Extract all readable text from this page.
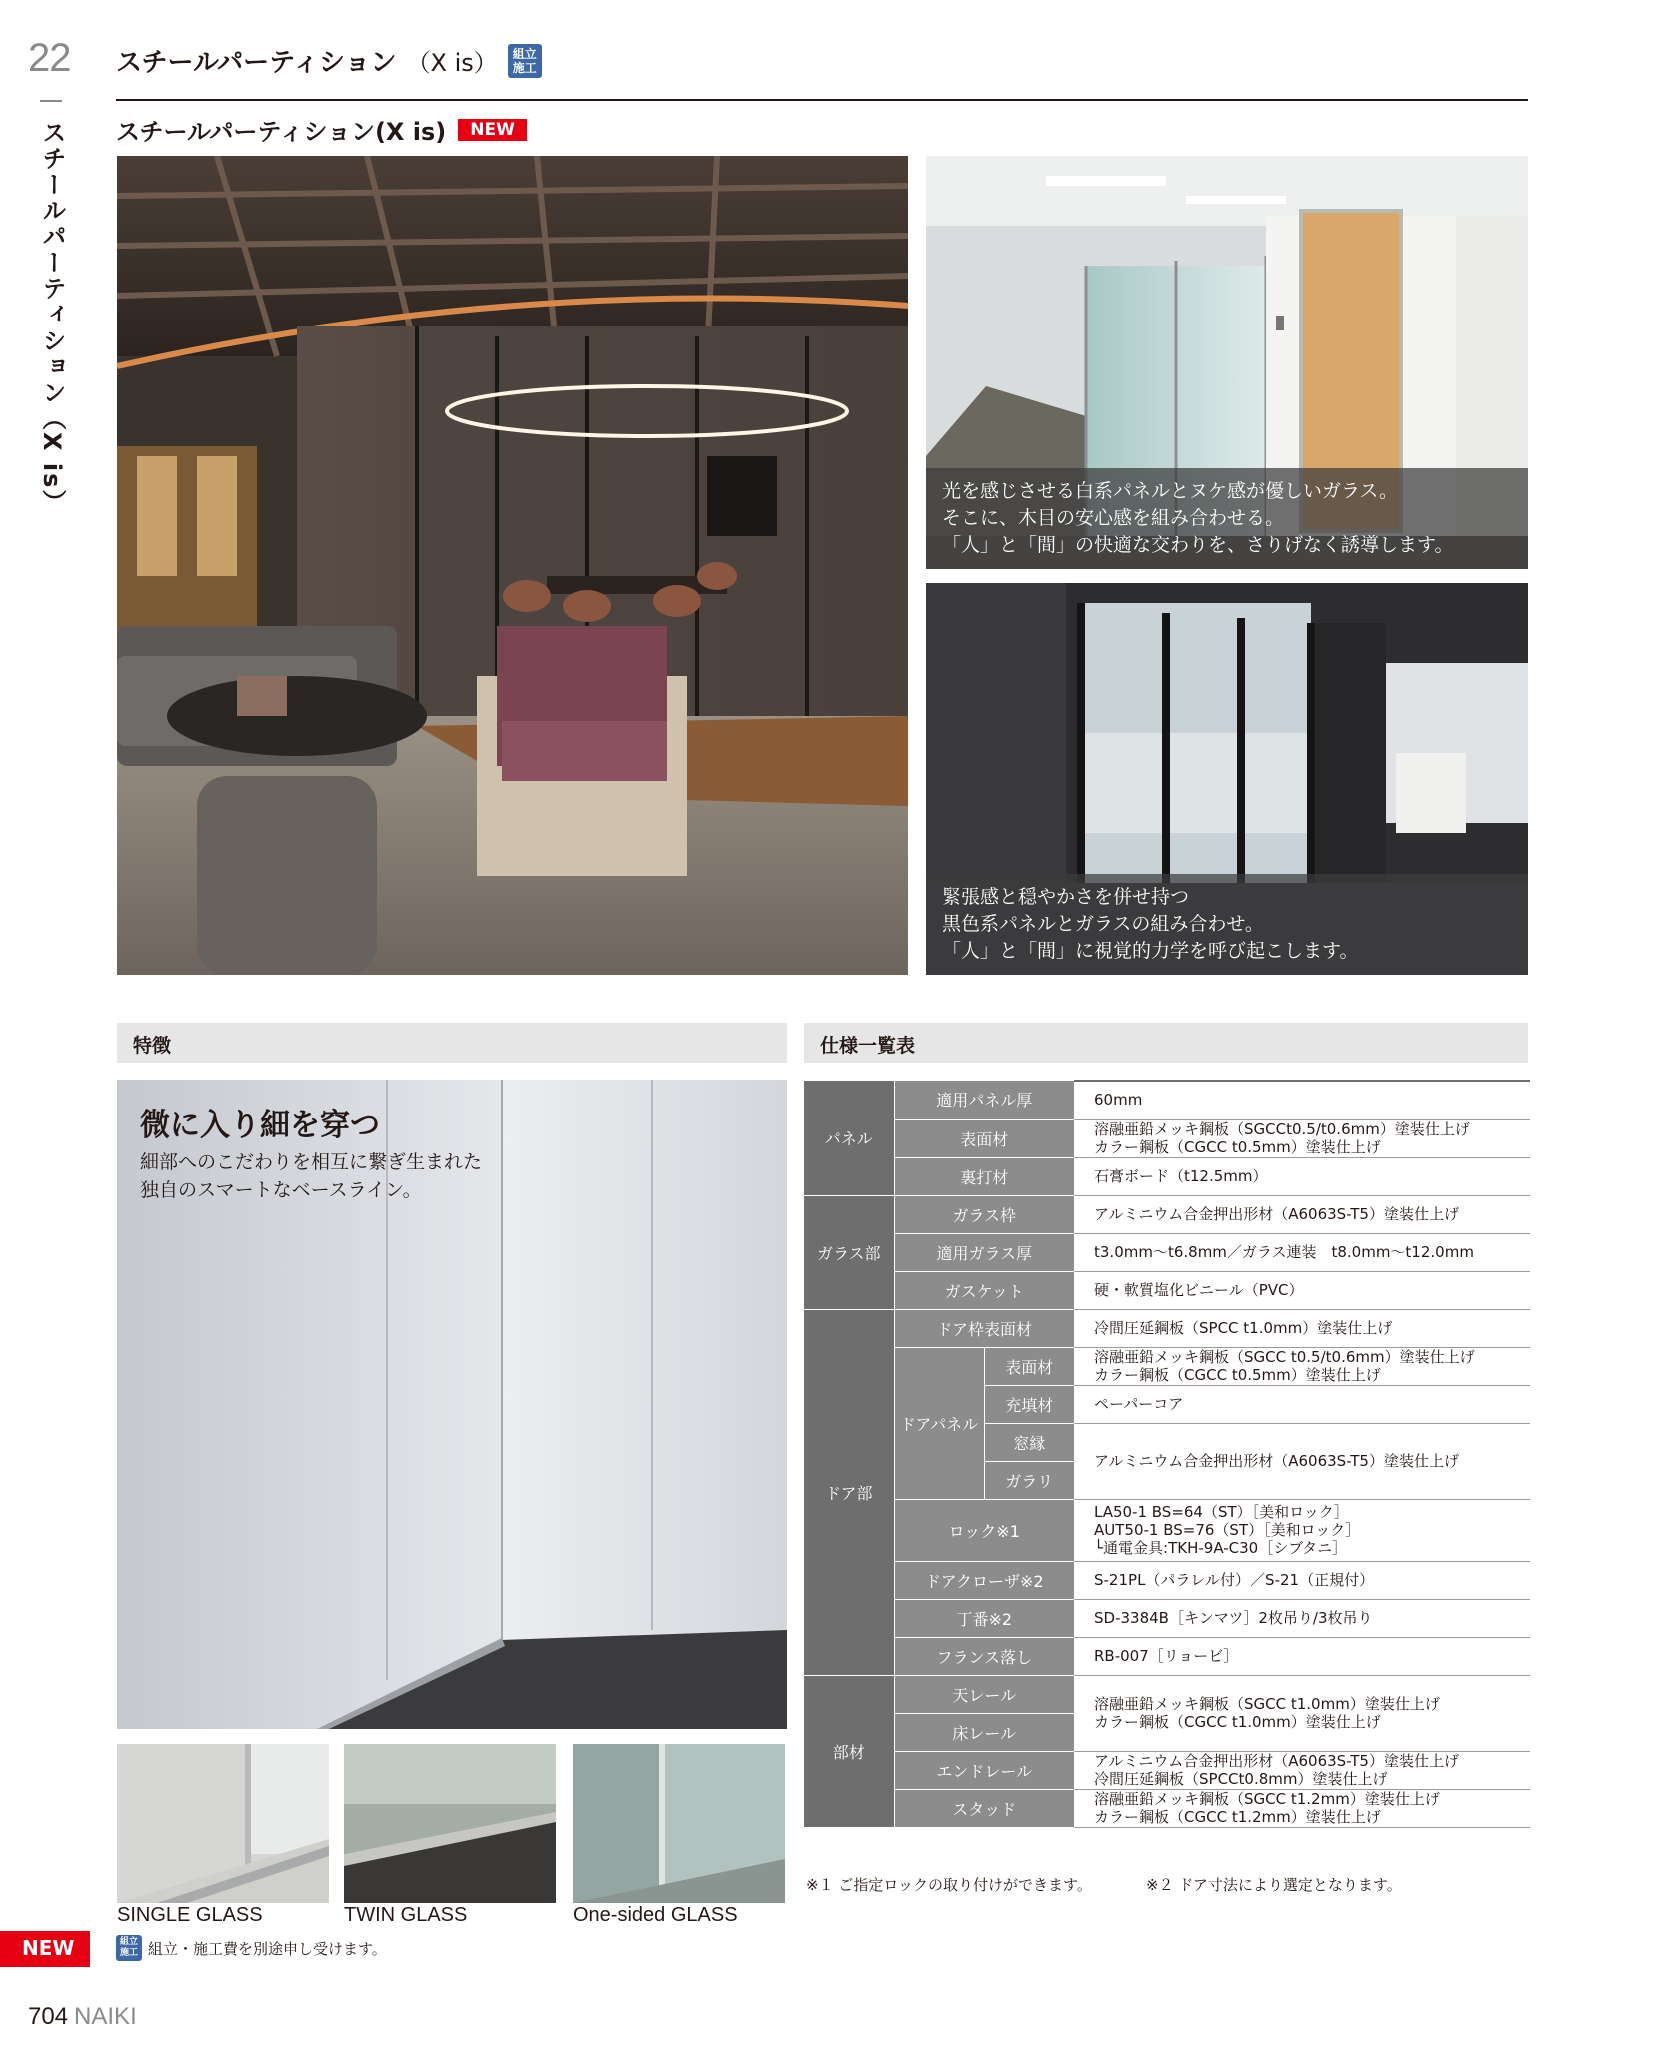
22
スチールパーティション（X is）
スチールパーティション （X is） 組立
施工
スチールパーティション(X is)	NEW
光を感じさせる白系パネルとヌケ感が優しいガラス。
そこに、木目の安心感を組み合わせる。
「人」と「間」の快適な交わりを、さりげなく誘導します。
緊張感と穏やかさを併せ持つ
黒色系パネルとガラスの組み合わせ。
「人」と「間」に視覚的力学を呼び起こします。
特徴
微に入り細を穿つ
細部へのこだわりを相互に繋ぎ生まれた
独自のスマートなベースライン。
SINGLE GLASS	TWIN GLASS	One-sided GLASS
仕様一覧表
パネル	適用パネル厚		60mm
	表面材		溶融亜鉛メッキ鋼板（SGCCt0.5/t0.6mm）塗装仕上げ
カラー鋼板（CGCC t0.5mm）塗装仕上げ
	裏打材		石膏ボード（t12.5mm）
ガラス部	ガラス枠		アルミニウム合金押出形材（A6063S-T5）塗装仕上げ
	適用ガラス厚		t3.0mm～t6.8mm／ガラス連装　t8.0mm～t12.0mm
	ガスケット		硬・軟質塩化ビニール（PVC）
ドア部	ドア枠表面材		冷間圧延鋼板（SPCC t1.0mm）塗装仕上げ
	ドアパネル	表面材	溶融亜鉛メッキ鋼板（SGCC t0.5/t0.6mm）塗装仕上げ
カラー鋼板（CGCC t0.5mm）塗装仕上げ
		充填材	ペーパーコア
		窓縁	アルミニウム合金押出形材（A6063S-T5）塗装仕上げ
		ガラリ	
	ロック※1		LA50-1 BS=64（ST）［美和ロック］
AUT50-1 BS=76（ST）［美和ロック］
└通電金具:TKH-9A-C30［シブタニ］
	ドアクローザ※2		S-21PL（パラレル付）／S-21（正規付）
	丁番※2		SD-3384B［キンマツ］2枚吊り/3枚吊り
	フランス落し		RB-007［リョービ］
部材	天レール		溶融亜鉛メッキ鋼板（SGCC t1.0mm）塗装仕上げ
カラー鋼板（CGCC t1.0mm）塗装仕上げ
	床レール		
	エンドレール		アルミニウム合金押出形材（A6063S-T5）塗装仕上げ
冷間圧延鋼板（SPCCt0.8mm）塗装仕上げ
	スタッド		溶融亜鉛メッキ鋼板（SGCC t1.2mm）塗装仕上げ
カラー鋼板（CGCC t1.2mm）塗装仕上げ
※１ ご指定ロックの取り付けができます。	※２ ドア寸法により選定となります。
NEW	組立
施工 組立・施工費を別途申し受けます。
704 NAIKI
